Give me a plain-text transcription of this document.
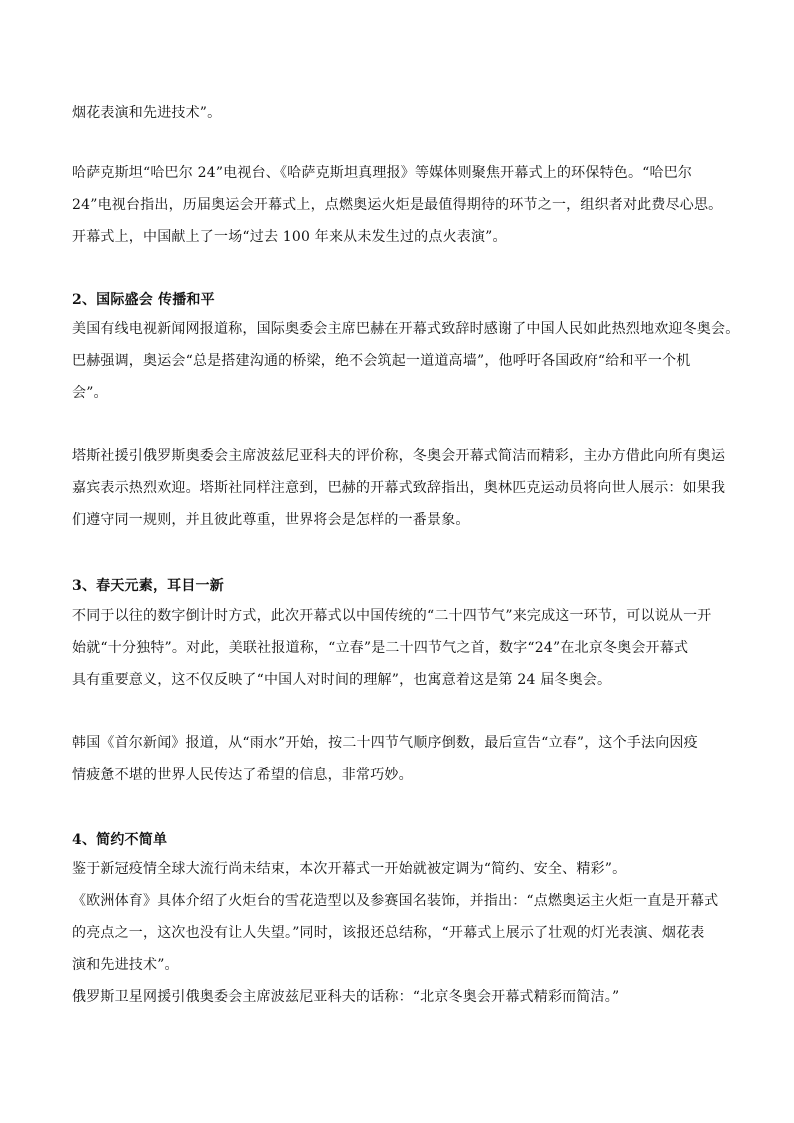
烟花表演和先进技术”。
哈萨克斯坦“哈巴尔 24”电视台、《哈萨克斯坦真理报》等媒体则聚焦开幕式上的环保特色。“哈巴尔
24”电视台指出，历届奥运会开幕式上，点燃奥运火炬是最值得期待的环节之一，组织者对此费尽心思。
开幕式上，中国献上了一场“过去 100 年来从未发生过的点火表演”。
2、国际盛会 传播和平
美国有线电视新闻网报道称，国际奥委会主席巴赫在开幕式致辞时感谢了中国人民如此热烈地欢迎冬奥会。
巴赫强调，奥运会“总是搭建沟通的桥梁，绝不会筑起一道道高墙”，他呼吁各国政府“给和平一个机
会”。
塔斯社援引俄罗斯奥委会主席波兹尼亚科夫的评价称，冬奥会开幕式简洁而精彩，主办方借此向所有奥运
嘉宾表示热烈欢迎。塔斯社同样注意到，巴赫的开幕式致辞指出，奥林匹克运动员将向世人展示：如果我
们遵守同一规则，并且彼此尊重，世界将会是怎样的一番景象。
3、春天元素，耳目一新
不同于以往的数字倒计时方式，此次开幕式以中国传统的“二十四节气”来完成这一环节，可以说从一开
始就“十分独特”。对此，美联社报道称，“立春”是二十四节气之首，数字“24”在北京冬奥会开幕式
具有重要意义，这不仅反映了“中国人对时间的理解”，也寓意着这是第 24 届冬奥会。
韩国《首尔新闻》报道，从“雨水”开始，按二十四节气顺序倒数，最后宣告“立春”，这个手法向因疫
情疲惫不堪的世界人民传达了希望的信息，非常巧妙。
4、简约不简单
鉴于新冠疫情全球大流行尚未结束，本次开幕式一开始就被定调为“简约、安全、精彩”。
《欧洲体育》具体介绍了火炬台的雪花造型以及参赛国名装饰，并指出：“点燃奥运主火炬一直是开幕式
的亮点之一，这次也没有让人失望。”同时，该报还总结称，“开幕式上展示了壮观的灯光表演、烟花表
演和先进技术”。
俄罗斯卫星网援引俄奥委会主席波兹尼亚科夫的话称：“北京冬奥会开幕式精彩而简洁。”
